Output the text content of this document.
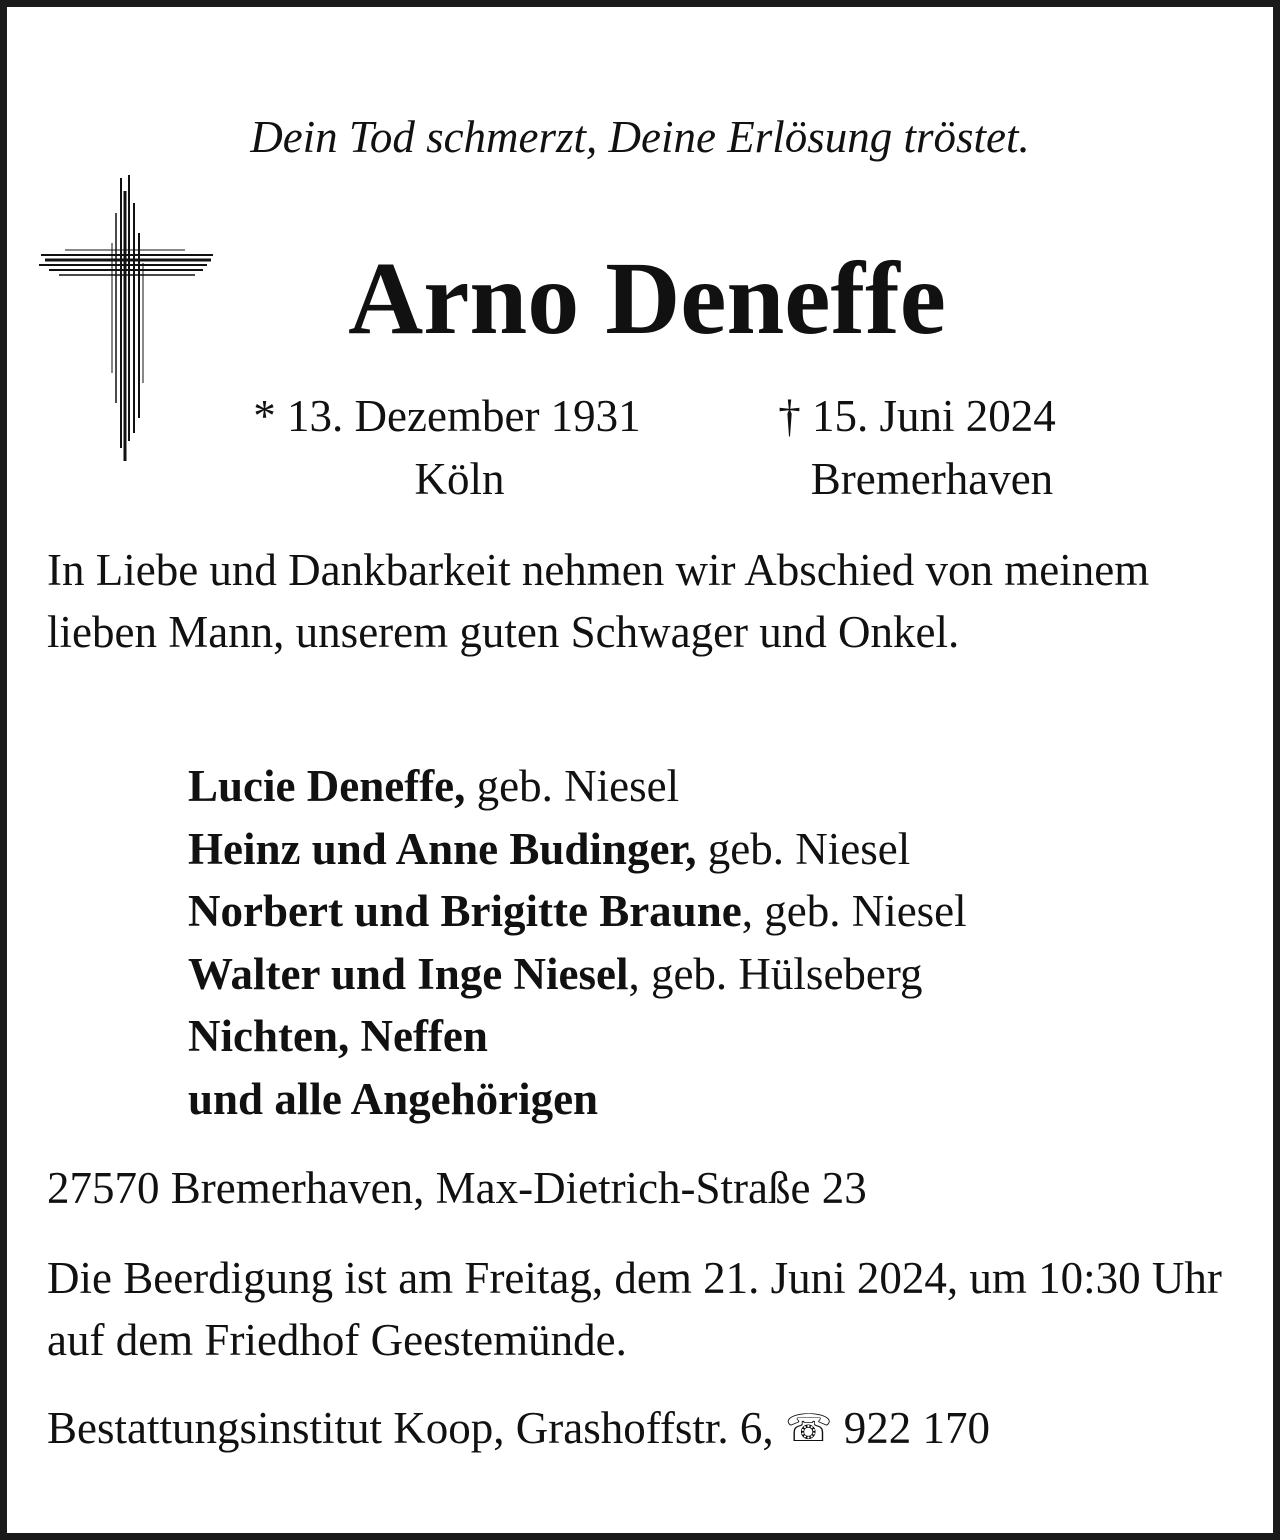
Dein Tod schmerzt, Deine Erlösung tröstet.
Arno Deneffe
* 13. Dezember 1931
Köln
† 15. Juni 2024
Bremerhaven
In Liebe und Dankbarkeit nehmen wir Abschied von meinem lieben Mann, unserem guten Schwager und Onkel.
Lucie Deneffe, geb. Niesel
Heinz und Anne Budinger, geb. Niesel
Norbert und Brigitte Braune, geb. Niesel
Walter und Inge Niesel, geb. Hülseberg
Nichten, Neffen
und alle Angehörigen
27570 Bremerhaven, Max-Dietrich-Straße 23
Die Beerdigung ist am Freitag, dem 21. Juni 2024, um 10:30 Uhr auf dem Friedhof Geestemünde.
Bestattungsinstitut Koop, Grashoffstr. 6, ☏ 922 170
